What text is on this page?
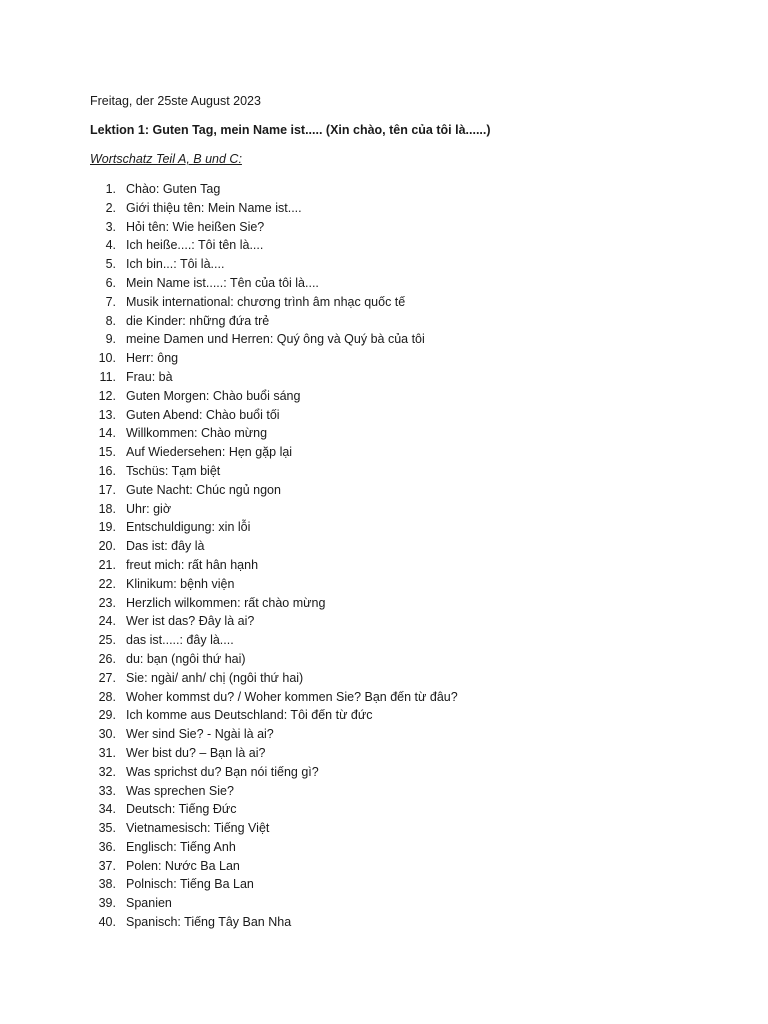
Freitag, der 25ste August 2023
Lektion 1: Guten Tag, mein Name ist..... (Xin chào, tên của tôi là......)
Wortschatz Teil A, B und C:
1. Chào: Guten Tag
2. Giới thiệu tên: Mein Name ist....
3. Hỏi tên: Wie heißen Sie?
4. Ich heiße....: Tôi tên là....
5. Ich bin...: Tôi là....
6. Mein Name ist.....: Tên của tôi là....
7. Musik international: chương trình âm nhạc quốc tế
8. die Kinder: những đứa trẻ
9. meine Damen und Herren: Quý ông và Quý bà của tôi
10. Herr: ông
11. Frau: bà
12. Guten Morgen: Chào buổi sáng
13. Guten Abend: Chào buổi tối
14. Willkommen: Chào mừng
15. Auf Wiedersehen: Hẹn gặp lại
16. Tschüs: Tạm biệt
17. Gute Nacht: Chúc ngủ ngon
18. Uhr: giờ
19. Entschuldigung: xin lỗi
20. Das ist: đây là
21. freut mich: rất hân hạnh
22. Klinikum: bệnh viện
23. Herzlich wilkommen: rất chào mừng
24. Wer ist das? Đây là ai?
25. das ist.....: đây là....
26. du: bạn (ngôi thứ hai)
27. Sie: ngài/ anh/ chị (ngôi thứ hai)
28. Woher kommst du? / Woher kommen Sie? Bạn đến từ đâu?
29. Ich komme aus Deutschland: Tôi đến từ đức
30. Wer sind Sie? - Ngài là ai?
31. Wer bist du? – Bạn là ai?
32. Was sprichst du? Bạn nói tiếng gì?
33. Was sprechen Sie?
34. Deutsch: Tiếng Đức
35. Vietnamesisch: Tiếng Việt
36. Englisch: Tiếng Anh
37. Polen: Nước Ba Lan
38. Polnisch: Tiếng Ba Lan
39. Spanien
40. Spanisch: Tiếng Tây Ban Nha
